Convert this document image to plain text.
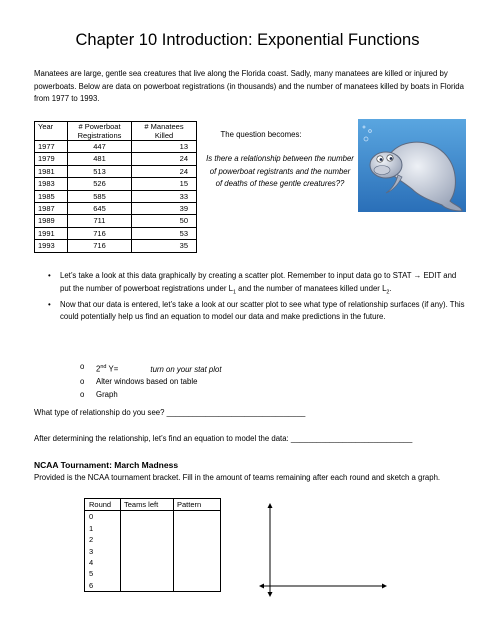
Chapter 10 Introduction: Exponential Functions
Manatees are large, gentle sea creatures that live along the Florida coast. Sadly, many manatees are killed or injured by powerboats. Below are data on powerboat registrations (in thousands) and the number of manatees killed by boats in Florida from 1977 to 1993.
Year	# Powerboat Registrations	# Manatees Killed
1977	447	13
1979	481	24
1981	513	24
1983	526	15
1985	585	33
1987	645	39
1989	711	50
1991	716	53
1993	716	35
The question becomes:
Is there a relationship between the number of powerboat registrants and the number of deaths of these gentle creatures??
• Let’s take a look at this data graphically by creating a scatter plot. Remember to input data go to STAT → EDIT and put the number of powerboat registrations under $L_1$ and the number of manatees killed under $L_2$.
• Now that our data is entered, let’s take a look at our scatter plot to see what type of relationship surfaces (if any). This could potentially help us find an equation to model our data and make predictions in the future.
o 2nd Y=	turn on your stat plot
o Alter windows based on table
o Graph
What type of relationship do you see? ________________________________
After determining the relationship, let’s find an equation to model the data: ____________________________
NCAA Tournament: March Madness
Provided is the NCAA tournament bracket. Fill in the amount of teams remaining after each round and sketch a graph.
Round	Teams left	Pattern
0		
1		
2		
3		
4		
5		
6		
